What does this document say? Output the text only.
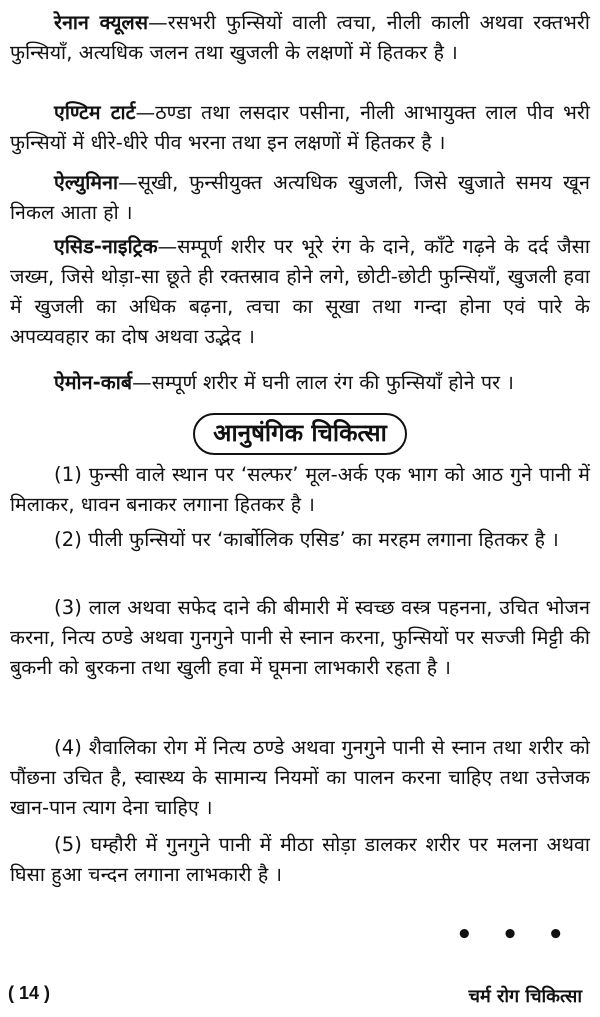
रेनान क्यूलस—रसभरी फुन्सियों वाली त्वचा, नीली काली अथवा रक्तभरी फुन्सियाँ, अत्यधिक जलन तथा खुजली के लक्षणों में हितकर है ।

एण्टिम टार्ट—ठण्डा तथा लसदार पसीना, नीली आभायुक्त लाल पीव भरी फुन्सियों में धीरे-धीरे पीव भरना तथा इन लक्षणों में हितकर है ।

ऐल्युमिना—सूखी, फुन्सीयुक्त अत्यधिक खुजली, जिसे खुजाते समय खून निकल आता हो ।

एसिड-नाइट्रिक—सम्पूर्ण शरीर पर भूरे रंग के दाने, काँटे गढ़ने के दर्द जैसा जख्म, जिसे थोड़ा-सा छूते ही रक्तस्राव होने लगे, छोटी-छोटी फुन्सियाँ, खुजली हवा में खुजली का अधिक बढ़ना, त्वचा का सूखा तथा गन्दा होना एवं पारे के अपव्यवहार का दोष अथवा उद्भेद ।

ऐमोन-कार्ब—सम्पूर्ण शरीर में घनी लाल रंग की फुन्सियाँ होने पर ।

आनुषंगिक चिकित्सा

(1) फुन्सी वाले स्थान पर ‘सल्फर’ मूल-अर्क एक भाग को आठ गुने पानी में मिलाकर, धावन बनाकर लगाना हितकर है ।

(2) पीली फुन्सियों पर ‘कार्बोलिक एसिड’ का मरहम लगाना हितकर है ।

(3) लाल अथवा सफेद दाने की बीमारी में स्वच्छ वस्त्र पहनना, उचित भोजन करना, नित्य ठण्डे अथवा गुनगुने पानी से स्नान करना, फुन्सियों पर सज्जी मिट्टी की बुकनी को बुरकना तथा खुली हवा में घूमना लाभकारी रहता है ।

(4) शैवालिका रोग में नित्य ठण्डे अथवा गुनगुने पानी से स्नान तथा शरीर को पौंछना उचित है, स्वास्थ्य के सामान्य नियमों का पालन करना चाहिए तथा उत्तेजक खान-पान त्याग देना चाहिए ।

(5) घम्हौरी में गुनगुने पानी में मीठा सोड़ा डालकर शरीर पर मलना अथवा घिसा हुआ चन्दन लगाना लाभकारी है ।

• • •
( 14 )	चर्म रोग चिकित्सा
